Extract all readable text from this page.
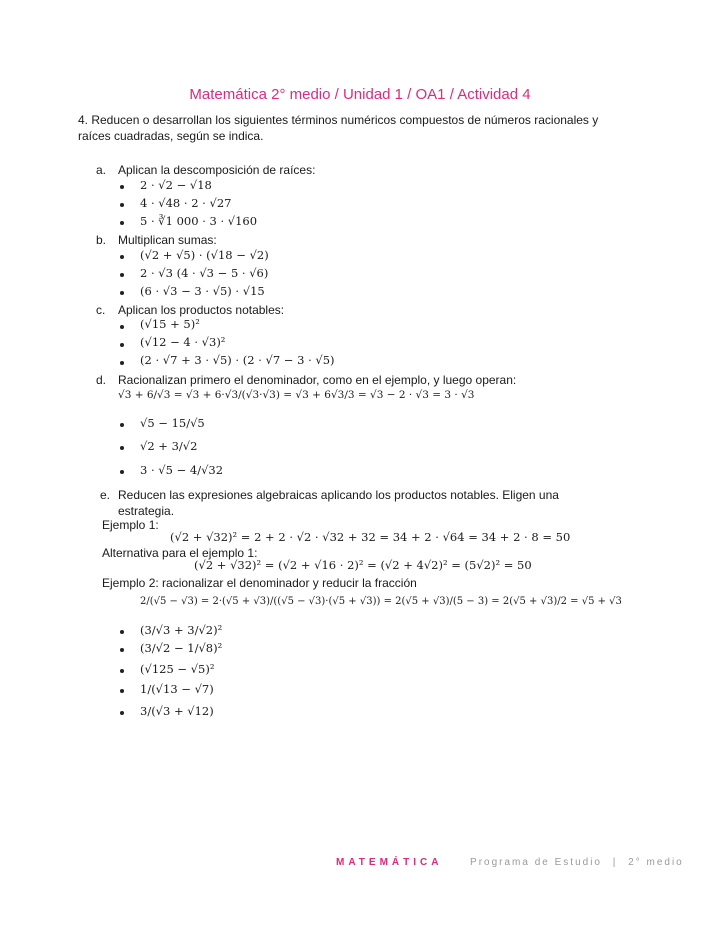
Matemática 2° medio / Unidad 1 / OA1 / Actividad 4
4. Reducen o desarrollan los siguientes términos numéricos compuestos de números racionales y
raíces cuadradas, según se indica.
a. Aplican la descomposición de raíces:
2 · √2 − √18
4 · √48 · 2 · √27
5 · ∛1 000 · 3 · √160
b. Multiplican sumas:
(√2 + √5) · (√18 − √2)
2 · √3 (4 · √3 − 5 · √6)
(6 · √3 − 3 · √5) · √15
c. Aplican los productos notables:
(√15 + 5)²
(√12 − 4 · √3)²
(2 · √7 + 3 · √5) · (2 · √7 − 3 · √5)
d. Racionalizan primero el denominador, como en el ejemplo, y luego operan:
√3 + 6/√3 = √3 + 6·√3/(√3·√3) = √3 + 6√3/3 = √3 − 2 · √3 = 3 · √3
√5 − 15/√5
√2 + 3/√2
3 · √5 − 4/√32
e. Reducen las expresiones algebraicas aplicando los productos notables. Eligen una
estrategia.
Ejemplo 1:
(√2 + √32)² = 2 + 2 · √2 · √32 + 32 = 34 + 2 · √64 = 34 + 2 · 8 = 50
Alternativa para el ejemplo 1:
(√2 + √32)² = (√2 + √16 · 2)² = (√2 + 4√2)² = (5√2)² = 50
Ejemplo 2: racionalizar el denominador y reducir la fracción
2/(√5 − √3) = 2·(√5 + √3)/((√5 − √3)·(√5 + √3)) = 2(√5 + √3)/(5 − 3) = 2(√5 + √3)/2 = √5 + √3
(3/√3 + 3/√2)²
(3/√2 − 1/√8)²
(√125 − √5)²
1/(√13 − √7)
3/(√3 + √12)
MATEMÁTICA	Programa de Estudio | 2° medio
